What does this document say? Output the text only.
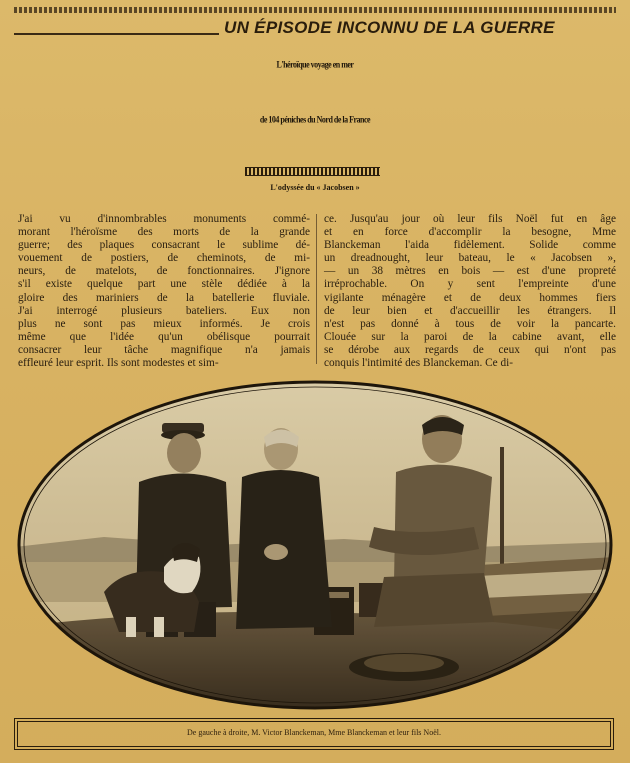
UN ÉPISODE INCONNU DE LA GUERRE
L'héroïque voyage en mer
de 104 péniches du Nord de la France
L'odyssée du « Jacobsen »
J'ai vu d'innombrables monuments commé-
morant l'héroïsme des morts de la grande
guerre; des plaques consacrant le sublime dé-
vouement de postiers, de cheminots, de mi-
neurs, de matelots, de fonctionnaires. J'ignore
s'il existe quelque part une stèle dédiée à la
gloire des mariniers de la batellerie fluviale.
J'ai interrogé plusieurs bateliers. Eux non
plus ne sont pas mieux informés. Je crois
même que l'idée qu'un obélisque pourrait
consacrer leur tâche magnifique n'a jamais
effleuré leur esprit. Ils sont modestes et sim-
ce. Jusqu'au jour où leur fils Noël fut en âge
et en force d'accomplir la besogne, Mme
Blanckeman l'aida fidèlement. Solide comme
un dreadnought, leur bateau, le « Jacobsen »,
— un 38 mètres en bois — est d'une propreté
irréprochable. On y sent l'empreinte d'une
vigilante ménagère et de deux hommes fiers
de leur bien et d'accueillir les étrangers. Il
n'est pas donné à tous de voir la pancarte.
Clouée sur la paroi de la cabine avant, elle
se dérobe aux regards de ceux qui n'ont pas
conquis l'intimité des Blanckeman. Ce di-
De gauche à droite, M. Victor Blanckeman, Mme Blanckeman et leur fils Noël.
